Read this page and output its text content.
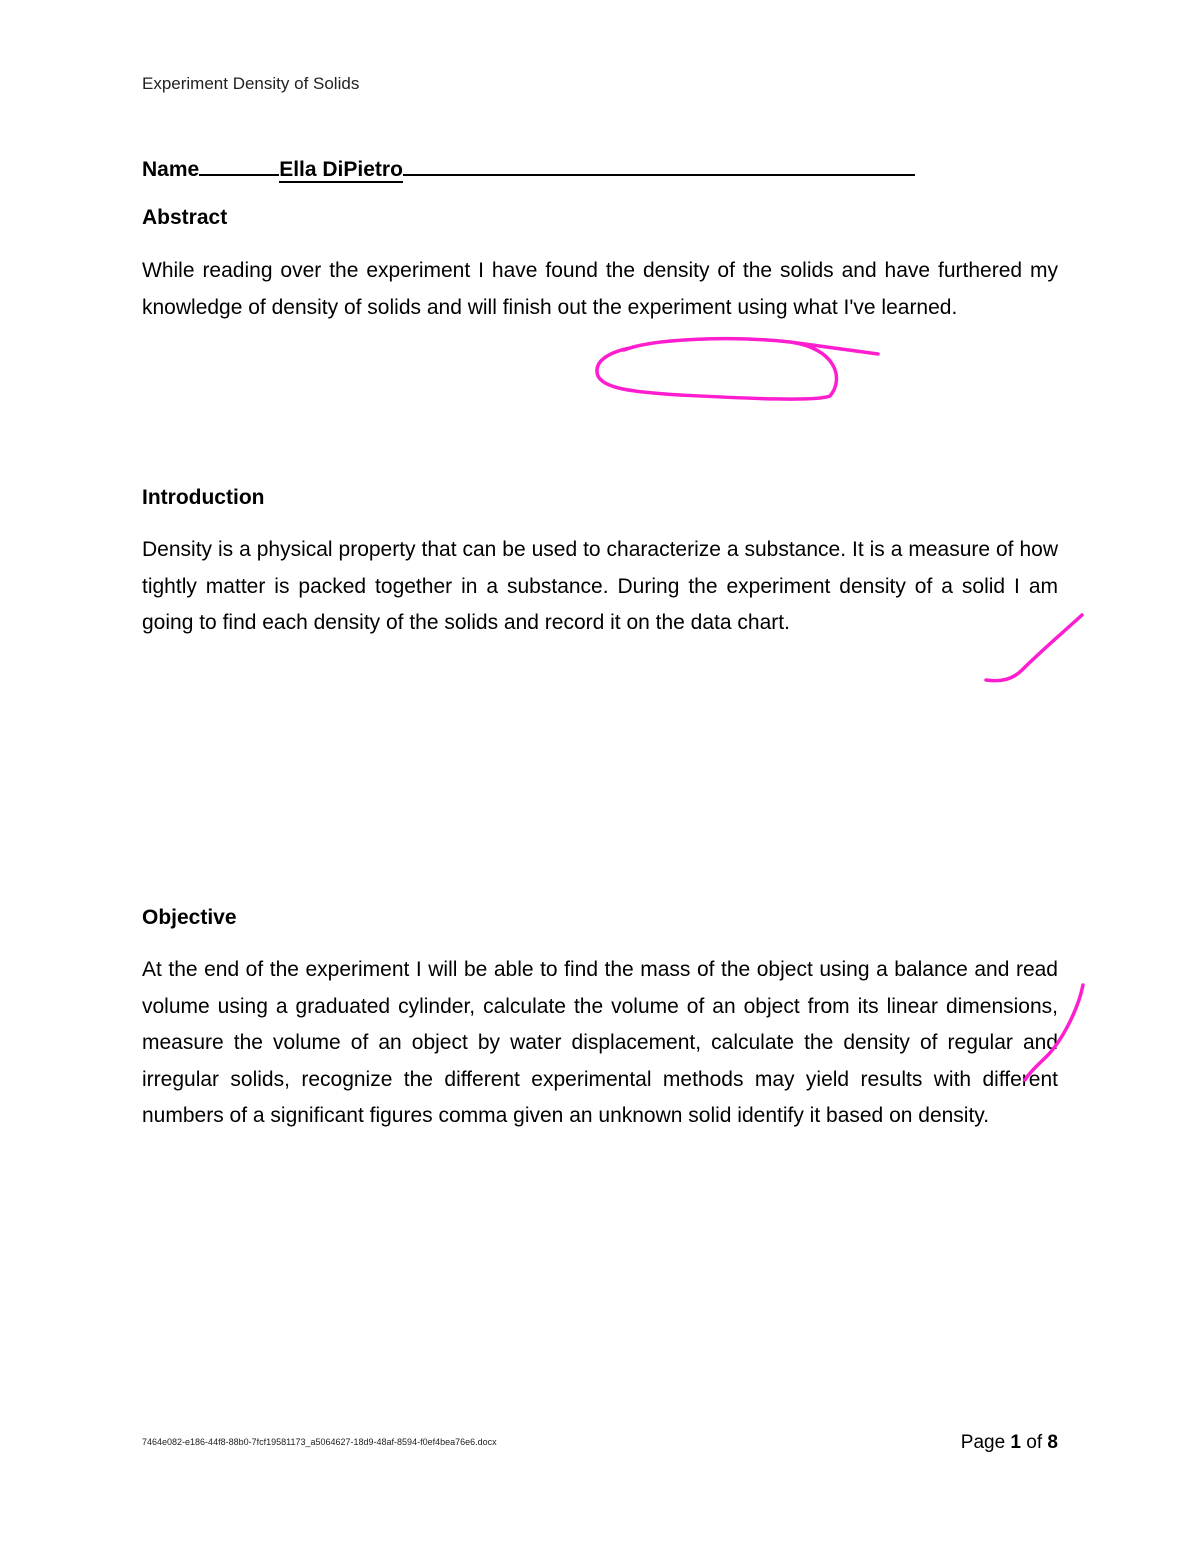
Experiment Density of Solids
Name	Ella DiPietro
Abstract
While reading over the experiment I have found the density of the solids and have furthered my knowledge of density of solids and will finish out the experiment using what I've learned.
Introduction
Density is a physical property that can be used to characterize a substance. It is a measure of how tightly matter is packed together in a substance. During the experiment density of a solid I am going to find each density of the solids and record it on the data chart.
Objective
At the end of the experiment I will be able to find the mass of the object using a balance and read volume using a graduated cylinder, calculate the volume of an object from its linear dimensions, measure the volume of an object by water displacement, calculate the density of regular and irregular solids, recognize the different experimental methods may yield results with different numbers of a significant figures comma given an unknown solid identify it based on density.
7464e082-e186-44f8-88b0-7fcf19581173_a5064627-18d9-48af-8594-f0ef4bea76e6.docx	Page 1 of 8
